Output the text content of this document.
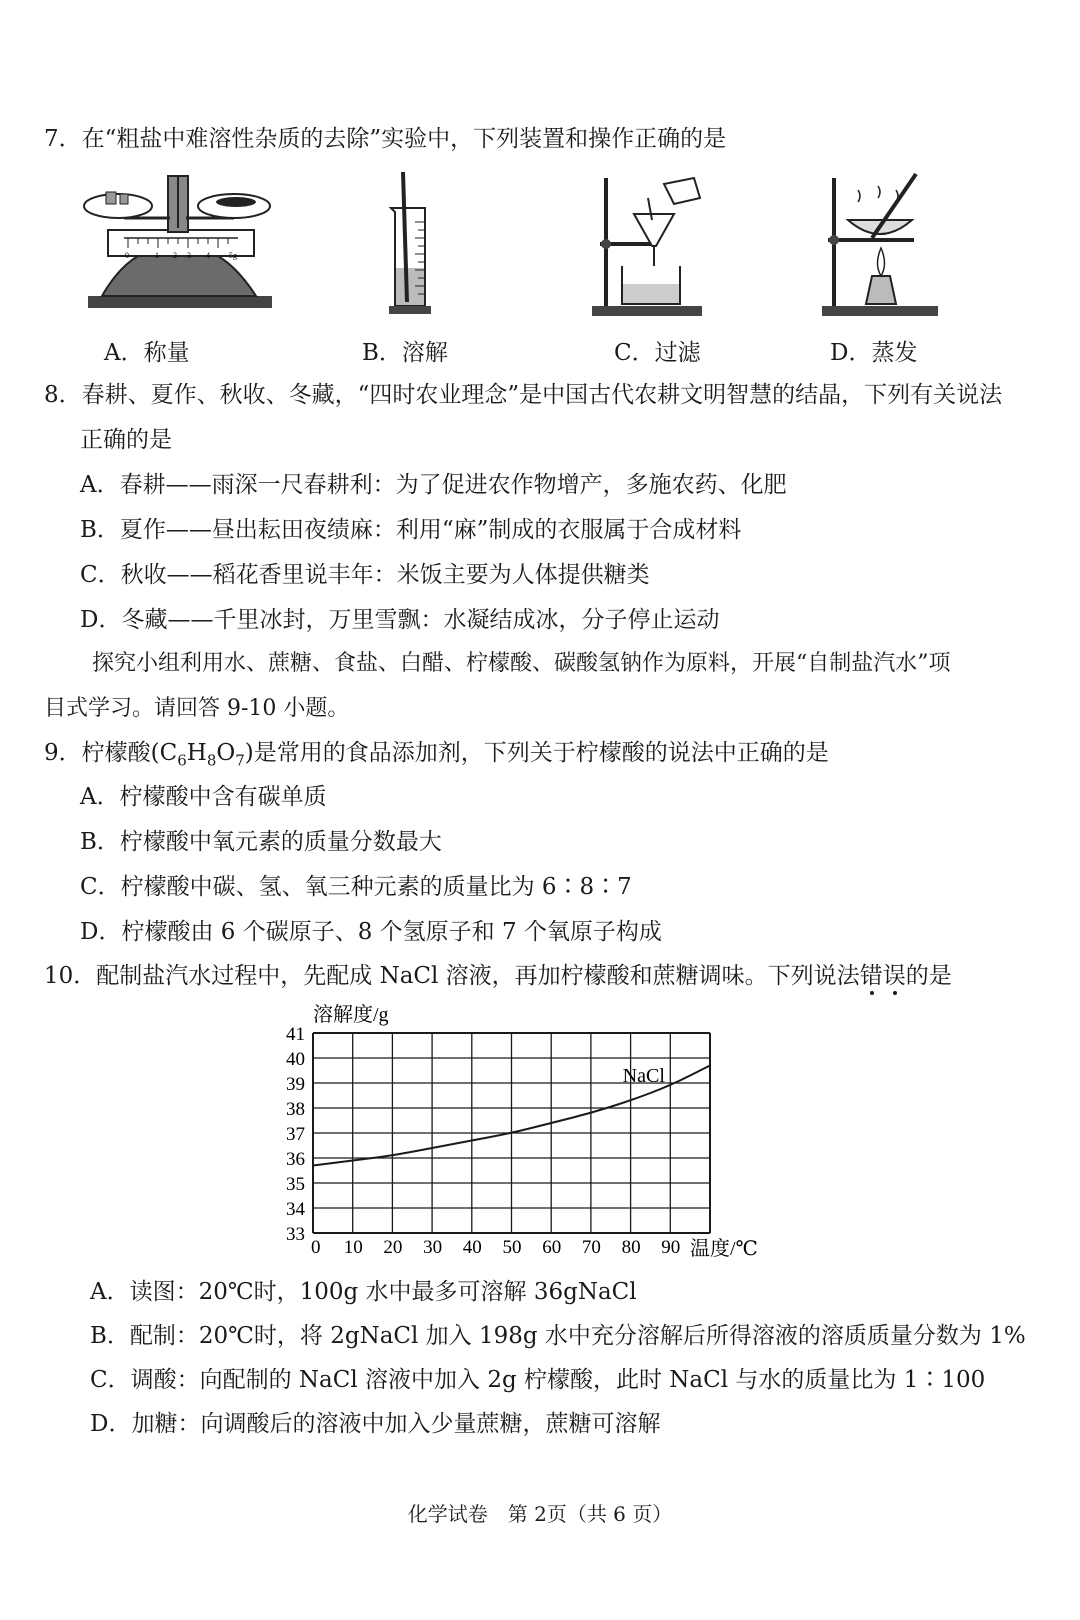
7．在“粗盐中难溶性杂质的去除”实验中，下列装置和操作正确的是
0	1 2 3 4 5g
A．称量	B．溶解	C．过滤	D．蒸发
8．春耕、夏作、秋收、冬藏，“四时农业理念”是中国古代农耕文明智慧的结晶，下列有关说法
正确的是
A．春耕——雨深一尺春耕利：为了促进农作物增产，多施农药、化肥
B．夏作——昼出耘田夜绩麻：利用“麻”制成的衣服属于合成材料
C．秋收——稻花香里说丰年：米饭主要为人体提供糖类
D．冬藏——千里冰封，万里雪飘：水凝结成冰，分子停止运动
探究小组利用水、蔗糖、食盐、白醋、柠檬酸、碳酸氢钠作为原料，开展“自制盐汽水”项
目式学习。请回答 9-10 小题。
9．柠檬酸$(C_6H_8O_7)$是常用的食品添加剂，下列关于柠檬酸的说法中正确的是
A．柠檬酸中含有碳单质
B．柠檬酸中氧元素的质量分数最大
C．柠檬酸中碳、氢、氧三种元素的质量比为 6∶8∶7
D．柠檬酸由 6 个碳原子、8 个氢原子和 7 个氧原子构成
10．配制盐汽水过程中，先配成 NaCl 溶液，再加柠檬酸和蔗糖调味。下列说法错误
的是
0 10 20 30 40 50 60 70 80 90
33
34
35
36
37
38
39
40
41
NaCl
溶解度/g
温度/℃
A．读图：20℃时，100g 水中最多可溶解 36gNaCl
B．配制：20℃时，将 2gNaCl 加入 198g 水中充分溶解后所得溶液的溶质质量分数为 1%
C．调酸：向配制的 NaCl 溶液中加入 2g 柠檬酸，此时 NaCl 与水的质量比为 1∶100
D．加糖：向调酸后的溶液中加入少量蔗糖，蔗糖可溶解
化学试卷　第 2页（共 6 页）
